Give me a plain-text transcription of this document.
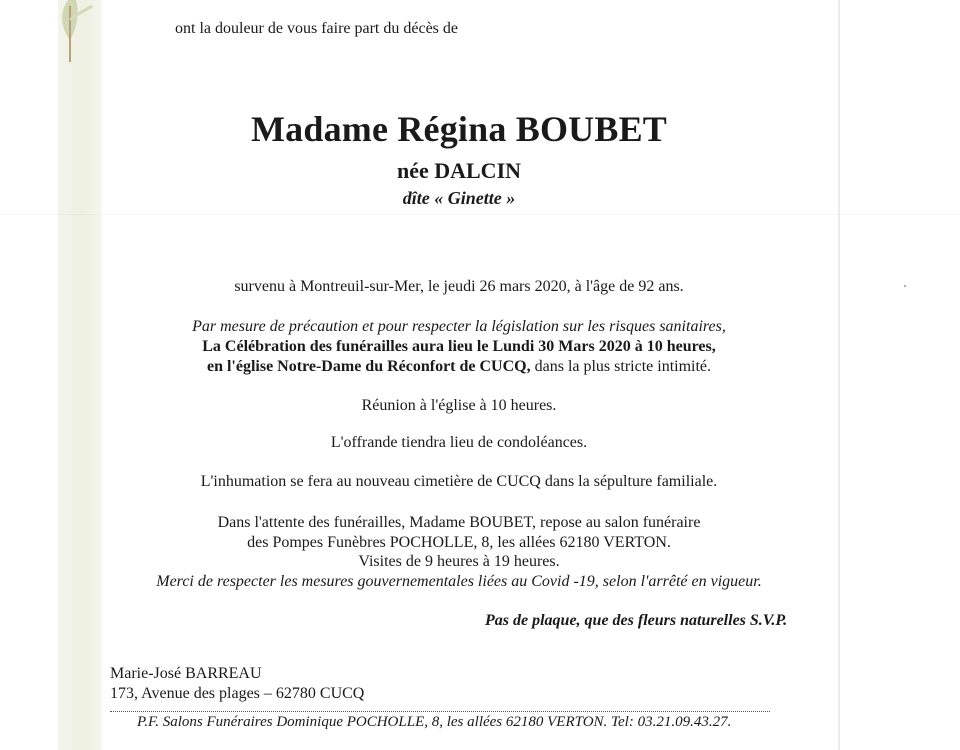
ont la douleur de vous faire part du décès de
Madame Régina BOUBET
née DALCIN
dîte « Ginette »
survenu à Montreuil-sur-Mer, le jeudi 26 mars 2020, à l'âge de 92 ans.
Par mesure de précaution et pour respecter la législation sur les risques sanitaires,
La Célébration des funérailles aura lieu le Lundi 30 Mars 2020 à 10 heures,
en l'église Notre-Dame du Réconfort de CUCQ, dans la plus stricte intimité.
Réunion à l'église à 10 heures.
L'offrande tiendra lieu de condoléances.
L'inhumation se fera au nouveau cimetière de CUCQ dans la sépulture familiale.
Dans l'attente des funérailles, Madame BOUBET, repose au salon funéraire
des Pompes Funèbres POCHOLLE, 8, les allées 62180 VERTON.
Visites de 9 heures à 19 heures.
Merci de respecter les mesures gouvernementales liées au Covid -19, selon l'arrêté en vigueur.
Pas de plaque, que des fleurs naturelles S.V.P.
Marie-José BARREAU
173, Avenue des plages – 62780 CUCQ
P.F. Salons Funéraires Dominique POCHOLLE, 8, les allées 62180 VERTON. Tel: 03.21.09.43.27.
